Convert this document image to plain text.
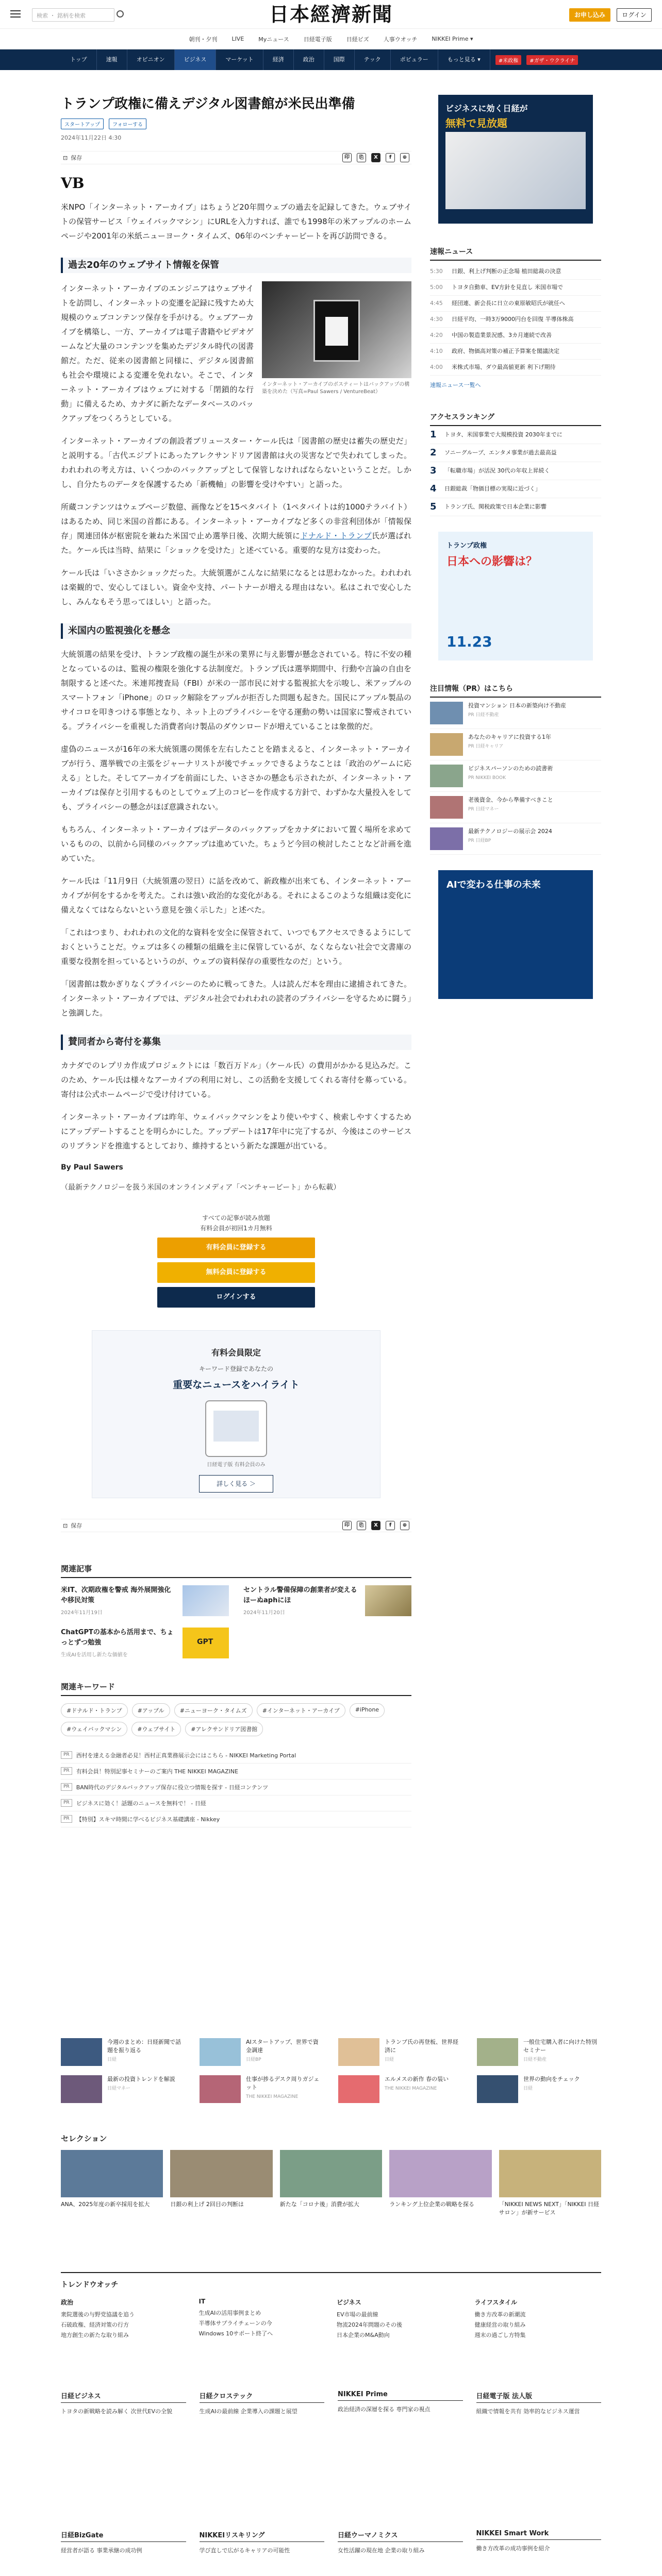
検索 ・ 銘柄を検索	日本經濟新聞	お申し込み	ログイン
朝刊・夕刊	LIVE	Myニュース	日経電子版	日経ビズ	人事ウオッチ	NIKKEI Prime ▾
トップ	速報	オピニオン	ビジネス	マーケット	経済	政治	国際	テック	ポピュラー	もっと見る ▾	#米政権	#ガザ・ウクライナ
トランプ政権に備えデジタル図書館が米民出準備
スタートアップ	フォローする
2024年11月22日 4:30
⊡ 保存	印	⎘	X	f	⊕
VB

米NPO「インターネット・アーカイブ」はちょうど20年間ウェブの過去を記録してきた。ウェブサイトの保管サービス「ウェイバックマシン」にURLを入力すれば、誰でも1998年の米アップルのホームページや2001年の米紙ニューヨーク・タイムズ、06年のベンチャービートを再び訪問できる。

過去20年のウェブサイト情報を保管

インターネット・アーカイブのエンジニアはウェブサイトを訪問し、インターネットの変遷を記録に残すため大規模のウェブコンテンツ保存を手がける。ウェブアーカイブを構築し、一方、アーカイブは電子書籍やビデオゲームなど大量のコンテンツを集めたデジタル時代の図書館だ。ただ、従来の図書館と同様に、デジタル図書館も社会や環境による変遷を免れない。そこで、インターネット・アーカイブはウェブに対する「閉鎖的な行動」に備えるため、カナダに新たなデータベースのバックアップをつくろうとしている。

インターネット・アーカイブのボスティートはバックアップの構築を決めた（写真=Paul Sawers / VentureBeat）

インターネット・アーカイブの創設者ブリュースター・ケール氏は「図書館の歴史は蓄失の歴史だ」と説明する。「古代エジプトにあったアレクサンドリア図書館は火の災害などで失われてしまった。われわれの考え方は、いくつかのバックアップとして保管しなければならないということだ。しかし、自分たちのデータを保護するため「新機軸」の影響を受けやすい」と語った。

所蔵コンテンツはウェブページ数億、画像などを15ペタバイト（1ペタバイトは約1000テラバイト）はあるため、同じ米国の首都にある。インターネット・アーカイブなど多くの非営利団体が「情報保存」関連団体が枢密院を兼ねた米国で止め選挙日後、次期大統領にドナルド・トランプ氏が選ばれた。ケール氏は当時、結果に「ショックを受けた」と述べている。重要的な見方は変わった。

ケール氏は「いささかショックだった。大統領選がこんなに結果になるとは思わなかった。われわれは楽観的で、安心してほしい。資金や支持、パートナーが増える理由はない。私はこれで安心したし、みんなもそう思ってほしい」と語った。

米国内の監視強化を懸念

大統領選の結果を受け、トランプ政権の誕生が米の業界に与え影響が懸念されている。特に不安の種となっているのは、監視の権限を強化する法制度だ。トランプ氏は選挙期間中、行動や言論の自由を制限すると述べた。米連邦捜査局（FBI）が米の一部市民に対する監視拡大を示唆し、米アップルのスマートフォン「iPhone」のロック解除をアップルが拒否した問題も起きた。国民にアップル製品のサイコロを叩きつける事態となり、ネット上のプライバシーを守る運動の勢いは国家に警戒されている。プライバシーを重視した消費者向け製品のダウンロードが増えていることは象徴的だ。

虚偽のニュースが16年の米大統領選の関係を左右したことを踏まえると、インターネット・アーカイブが行う、選挙戦での主張をジャーナリストが後でチェックできるようなことは「政治のゲームに応える」とした。そしてアーカイブを前面にした、いささかの懸念も示されたが、インターネット・アーカイブは保存と引用するものとしてウェブ上のコピーを作成する方針で、わずかな大量投入をしても、プライバシーの懸念がほぼ意識されない。

もちろん、インターネット・アーカイブはデータのバックアップをカナダにおいて置く場所を求めているものの、以前から同様のバックアップは進めていた。ちょうど今回の検討したことなど計画を進めていた。

ケール氏は「11月9日（大統領選の翌日）に話を改めて、新政権が出来ても、インターネット・アーカイブが何をするかを考えた。これは強い政治的な変化がある。それによるこのような組織は変化に備えなくてはならないという意見を強く示した」と述べた。

「これはつまり、われわれの文化的な資料を安全に保管されて、いつでもアクセスできるようにしておくということだ。ウェブは多くの種類の組織を主に保管しているが、なくならない社会で文書庫の重要な役割を担っているというのが、ウェブの資料保存の重要性なのだ」という。

「図書館は数かぎりなくプライバシーのために戦ってきた。人は読んだ本を理由に逮捕されてきた。インターネット・アーカイブでは、デジタル社会でわれわれの読者のプライバシーを守るために闘う」と強調した。

賛同者から寄付を募集

カナダでのレプリカ作成プロジェクトには「数百万ドル」（ケール氏）の費用がかかる見込みだ。このため、ケール氏は様々なアーカイブの利用に対し、この活動を支援してくれる寄付を募っている。寄付は公式ホームページで受け付けている。

インターネット・アーカイブは昨年、ウェイバックマシンをより使いやすく、検索しやすくするためにアップデートすることを明らかにした。アップデートは17年中に完了するが、今後はこのサービスのリブランドを推進するとしており、維持するという新たな課題が出ている。

By Paul Sawers
（最新テクノロジーを扱う米国のオンラインメディア「ベンチャービート」から転載）
すべての記事が読み放題
有料会員が初回1カ月無料
有料会員に登録する
無料会員に登録する
ログインする
有料会員限定
キーワード登録であなたの
重要なニュースをハイライト
日経電子版 有料会員のみ
詳しく見る ＞
⊡ 保存	印	⎘	X	f	⊕
関連記事
米IT、次期政権を警戒 海外展開強化や移民対策
2024年11月19日
セントラル警備保障の創業者が変えるほーぬaphにほ
2024年11月20日
ChatGPTの基本から活用まで、ちょっとずつ勉強
生成AIを活用し新たな価値を
GPT
関連キーワード
#ドナルド・トランプ	#アップル	#ニューヨーク・タイムズ	#インターネット・アーカイブ	#iPhone
#ウェイバックマシン	#ウェブサイト	#アレクサンドリア図書館
PR	西村を達える金融者必見！西村正真業務展示会にはこちら - NIKKEI Marketing Portal
PR	有料会員！特別記事セミナーのご案内 THE NIKKEI MAGAZINE
PR	BAN時代のデジタルバックアップ保存に役立つ情報を探す - 日経コンテンツ
PR	ビジネスに効く！話題のニュースを無料で！ - 日経
PR	【特別】スキマ時間に学べるビジネス基礎講座 - Nikkey
ビジネスに効く日経が
無料で見放題
速報ニュース
5:30	日銀、利上げ判断の正念場 植田総裁の決意
5:00	トヨタ自動車、EV方針を見直し 米国市場で
4:45	経団連、新会長に日立の東原敏昭氏が就任へ
4:30	日経平均、一時3万9000円台を回復 半導体株高
4:20	中国の製造業景況感、3カ月連続で改善
4:10	政府、物価高対策の補正予算案を閣議決定
4:00	米株式市場、ダウ最高値更新 利下げ期待
速報ニュース一覧へ
アクセスランキング
1	トヨタ、米国事業で大規模投資 2030年までに
2	ソニーグループ、エンタメ事業が過去最高益
3	「転職市場」が活況 30代の年収上昇続く
4	日銀総裁「物価目標の実現に近づく」
5	トランプ氏、関税政策で日本企業に影響
トランプ政権
日本への影響は？
11.23
注目情報（PR）はこちら
投資マンション 日本の新築向け不動産
PR 日経不動産
あなたのキャリアに投資する1年
PR 日経キャリア
ビジネスパーソンのための読書術
PR NIKKEI BOOK
老後資金、今から準備すべきこと
PR 日経マネー
最新テクノロジーの展示会 2024
PR 日経BP
AIで変わる仕事の未来
今週のまとめ：日経新聞で話題を振り返る
日経
AIスタートアップ、世界で資金調達
日経BP
トランプ氏の再登板、世界経済に
日経
一般住宅購入者に向けた特別セミナー
日経不動産
最新の投資トレンドを解説
日経マネー
仕事が捗るデスク周りガジェット
THE NIKKEI MAGAZINE
エルメスの新作 春の装い
THE NIKKEI MAGAZINE
世界の動向をチェック
日経
セレクション
ANA、2025年度の新卒採用を拡大	日銀の利上げ 2回目の判断は	新たな「コロナ後」消費が拡大	ランキング上位企業の戦略を探る	「NIKKEI NEWS NEXT」「NIKKEI 日経サロン」が新サービス
トレンドウオッチ
政治
衆院選後の与野党協議を追う
石破政権、経済対策の行方
地方創生の新たな取り組み
IT
生成AIの活用事例まとめ
半導体サプライチェーンの今
Windows 10サポート終了へ
ビジネス
EV市場の最前線
物流2024年問題のその後
日本企業のM&A動向
ライフスタイル
働き方改革の新潮流
健康経営の取り組み
週末の過ごし方特集
日経ビジネス
トヨタの新戦略を読み解く 次世代EVの全貌
日経クロステック
生成AIの最前線 企業導入の課題と展望
NIKKEI Prime
政治経済の深層を探る 専門家の視点
日経電子版 法人版
組織で情報を共有 効率的なビジネス運営
日経BizGate
経営者が語る 事業承継の成功例
NIKKEIリスキリング
学び直しで広がるキャリアの可能性
日経ウーマノミクス
女性活躍の現在地 企業の取り組み
NIKKEI Smart Work
働き方改革の成功事例を紹介
